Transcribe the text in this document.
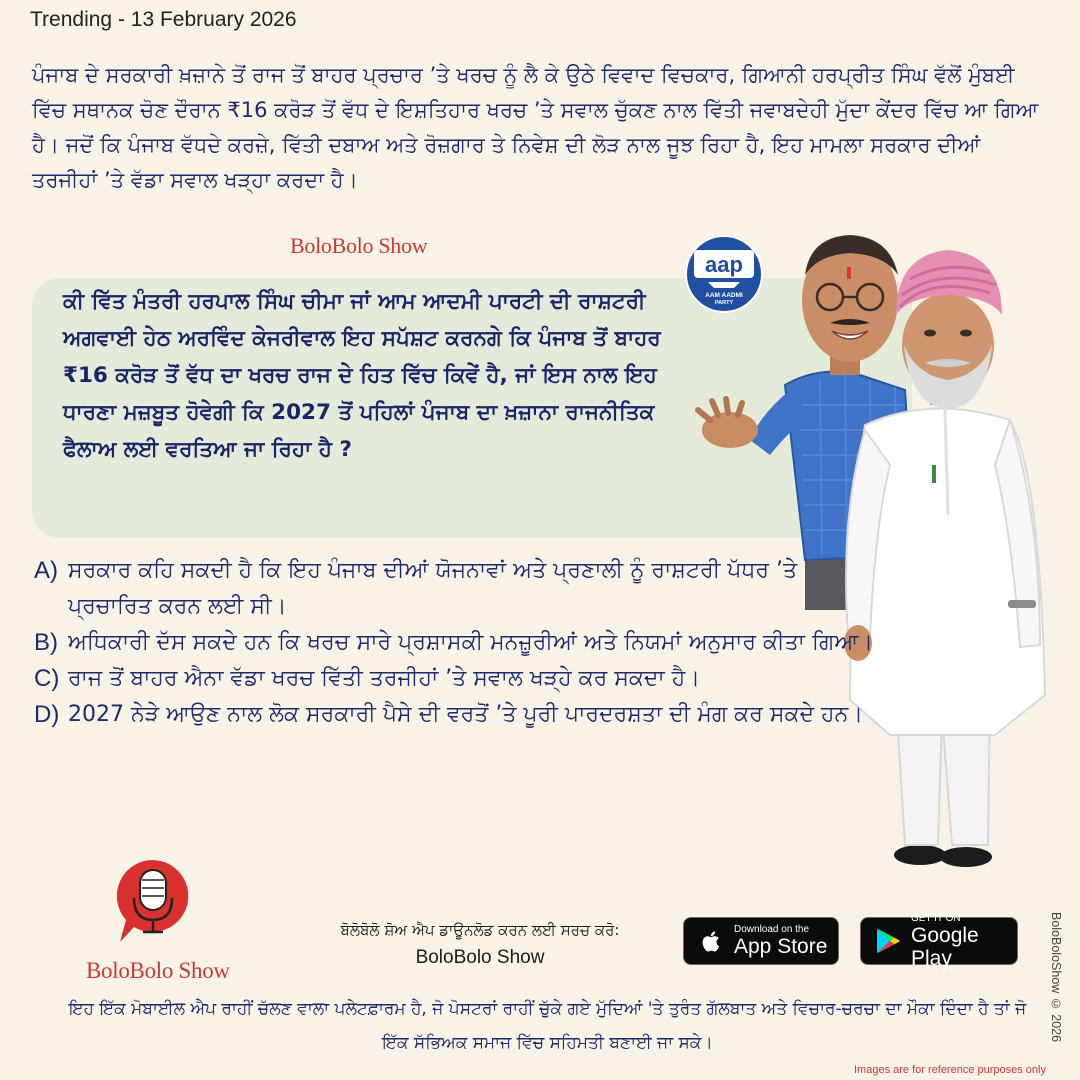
Trending - 13 February 2026
ਪੰਜਾਬ ਦੇ ਸਰਕਾਰੀ ਖ਼ਜ਼ਾਨੇ ਤੋਂ ਰਾਜ ਤੋਂ ਬਾਹਰ ਪ੍ਰਚਾਰ ’ਤੇ ਖਰਚ ਨੂੰ ਲੈ ਕੇ ਉਠੇ ਵਿਵਾਦ ਵਿਚਕਾਰ, ਗਿਆਨੀ ਹਰਪ੍ਰੀਤ ਸਿੰਘ ਵੱਲੋਂ ਮੁੰਬਈ ਵਿੱਚ ਸਥਾਨਕ ਚੋਣ ਦੌਰਾਨ ₹16 ਕਰੋੜ ਤੋਂ ਵੱਧ ਦੇ ਇਸ਼ਤਿਹਾਰ ਖਰਚ ’ਤੇ ਸਵਾਲ ਚੁੱਕਣ ਨਾਲ ਵਿੱਤੀ ਜਵਾਬਦੇਹੀ ਮੁੱਦਾ ਕੇਂਦਰ ਵਿੱਚ ਆ ਗਿਆ ਹੈ। ਜਦੋਂ ਕਿ ਪੰਜਾਬ ਵੱਧਦੇ ਕਰਜ਼ੇ, ਵਿੱਤੀ ਦਬਾਅ ਅਤੇ ਰੋਜ਼ਗਾਰ ਤੇ ਨਿਵੇਸ਼ ਦੀ ਲੋੜ ਨਾਲ ਜੂਝ ਰਿਹਾ ਹੈ, ਇਹ ਮਾਮਲਾ ਸਰਕਾਰ ਦੀਆਂ ਤਰਜੀਹਾਂ ’ਤੇ ਵੱਡਾ ਸਵਾਲ ਖੜ੍ਹਾ ਕਰਦਾ ਹੈ।
BoloBolo Show
ਕੀ ਵਿੱਤ ਮੰਤਰੀ ਹਰਪਾਲ ਸਿੰਘ ਚੀਮਾ ਜਾਂ ਆਮ ਆਦਮੀ ਪਾਰਟੀ ਦੀ ਰਾਸ਼ਟਰੀ ਅਗਵਾਈ ਹੇਠ ਅਰਵਿੰਦ ਕੇਜਰੀਵਾਲ ਇਹ ਸਪੱਸ਼ਟ ਕਰਨਗੇ ਕਿ ਪੰਜਾਬ ਤੋਂ ਬਾਹਰ ₹16 ਕਰੋੜ ਤੋਂ ਵੱਧ ਦਾ ਖਰਚ ਰਾਜ ਦੇ ਹਿਤ ਵਿੱਚ ਕਿਵੇਂ ਹੈ, ਜਾਂ ਇਸ ਨਾਲ ਇਹ ਧਾਰਣਾ ਮਜ਼ਬੂਤ ਹੋਵੇਗੀ ਕਿ 2027 ਤੋਂ ਪਹਿਲਾਂ ਪੰਜਾਬ ਦਾ ਖ਼ਜ਼ਾਨਾ ਰਾਜਨੀਤਿਕ ਫੈਲਾਅ ਲਈ ਵਰਤਿਆ ਜਾ ਰਿਹਾ ਹੈ ?
aap
AAM AADMI
PARTY
A) ਸਰਕਾਰ ਕਹਿ ਸਕਦੀ ਹੈ ਕਿ ਇਹ ਪੰਜਾਬ ਦੀਆਂ ਯੋਜਨਾਵਾਂ ਅਤੇ ਪ੍ਰਣਾਲੀ ਨੂੰ ਰਾਸ਼ਟਰੀ ਪੱਧਰ ’ਤੇ ਪ੍ਰਚਾਰਿਤ ਕਰਨ ਲਈ ਸੀ।
B) ਅਧਿਕਾਰੀ ਦੱਸ ਸਕਦੇ ਹਨ ਕਿ ਖਰਚ ਸਾਰੇ ਪ੍ਰਸ਼ਾਸਕੀ ਮਨਜ਼ੂਰੀਆਂ ਅਤੇ ਨਿਯਮਾਂ ਅਨੁਸਾਰ ਕੀਤਾ ਗਿਆ।
C) ਰਾਜ ਤੋਂ ਬਾਹਰ ਐਨਾ ਵੱਡਾ ਖਰਚ ਵਿੱਤੀ ਤਰਜੀਹਾਂ ’ਤੇ ਸਵਾਲ ਖੜ੍ਹੇ ਕਰ ਸਕਦਾ ਹੈ।
D) 2027 ਨੇੜੇ ਆਉਣ ਨਾਲ ਲੋਕ ਸਰਕਾਰੀ ਪੈਸੇ ਦੀ ਵਰਤੋਂ ’ਤੇ ਪੂਰੀ ਪਾਰਦਰਸ਼ਤਾ ਦੀ ਮੰਗ ਕਰ ਸਕਦੇ ਹਨ।
BoloBolo Show
ਬੋਲੋਬੋਲੋ ਸ਼ੋਅ ਐਪ ਡਾਊਨਲੋਡ ਕਰਨ ਲਈ ਸਰਚ ਕਰੋ:
BoloBolo Show
Download on the
App Store
GET IT ON
Google Play
ਇਹ ਇੱਕ ਮੋਬਾਈਲ ਐਪ ਰਾਹੀਂ ਚੱਲਣ ਵਾਲਾ ਪਲੇਟਫ਼ਾਰਮ ਹੈ, ਜੋ ਪੋਸਟਰਾਂ ਰਾਹੀਂ ਚੁੱਕੇ ਗਏ ਮੁੱਦਿਆਂ 'ਤੇ ਤੁਰੰਤ ਗੱਲਬਾਤ ਅਤੇ ਵਿਚਾਰ-ਚਰਚਾ ਦਾ ਮੌਕਾ ਦਿੰਦਾ ਹੈ ਤਾਂ ਜੋ ਇੱਕ ਸੱਭਿਅਕ ਸਮਾਜ ਵਿੱਚ ਸਹਿਮਤੀ ਬਣਾਈ ਜਾ ਸਕੇ।
BoloBoloShow © 2026
Images are for reference purposes only
